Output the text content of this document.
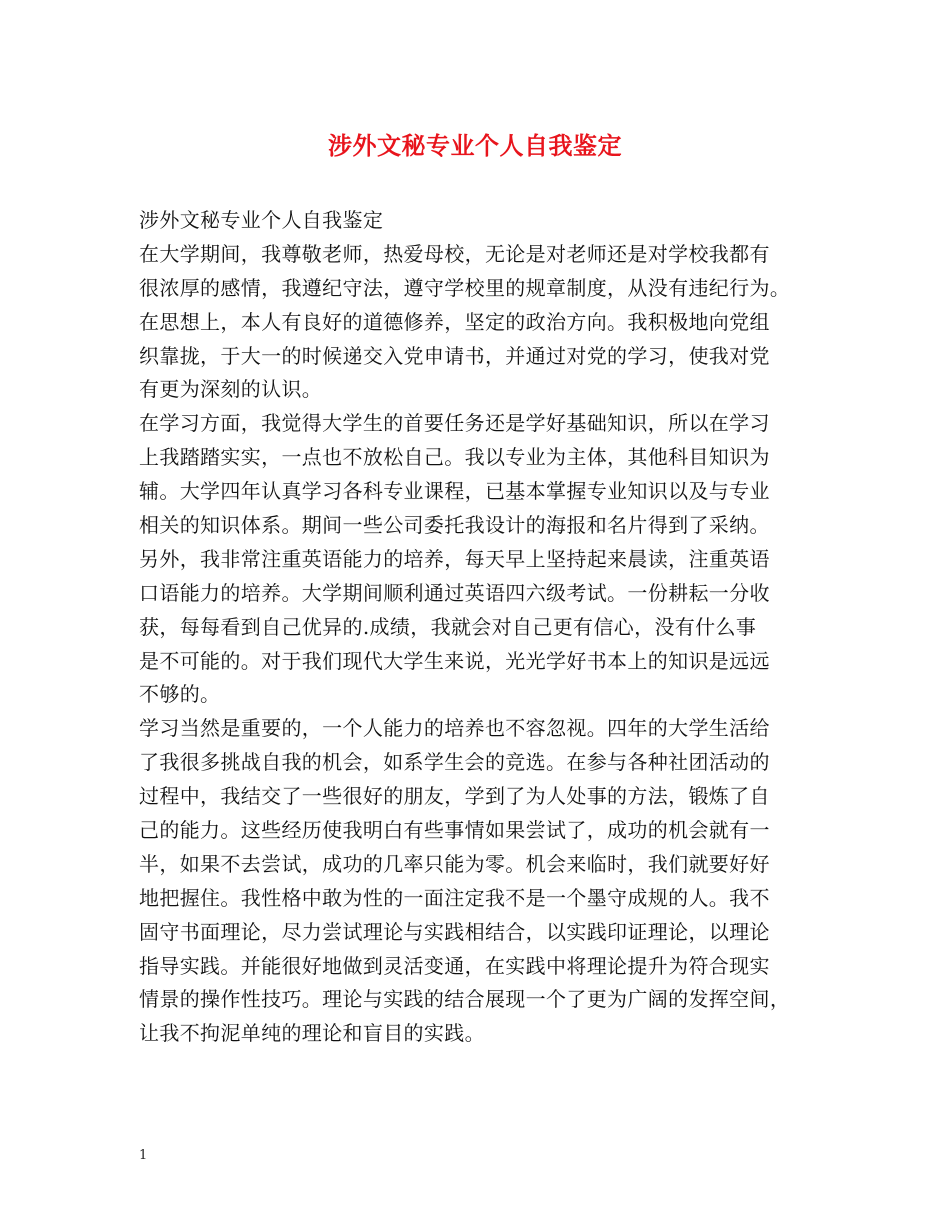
涉外文秘专业个人自我鉴定
涉外文秘专业个人自我鉴定
在大学期间，我尊敬老师，热爱母校，无论是对老师还是对学校我都有
很浓厚的感情，我遵纪守法，遵守学校里的规章制度，从没有违纪行为。
在思想上，本人有良好的道德修养，坚定的政治方向。我积极地向党组
织靠拢，于大一的时候递交入党申请书，并通过对党的学习，使我对党
有更为深刻的认识。
在学习方面，我觉得大学生的首要任务还是学好基础知识，所以在学习
上我踏踏实实，一点也不放松自己。我以专业为主体，其他科目知识为
辅。大学四年认真学习各科专业课程，已基本掌握专业知识以及与专业
相关的知识体系。期间一些公司委托我设计的海报和名片得到了采纳。
另外，我非常注重英语能力的培养，每天早上坚持起来晨读，注重英语
口语能力的培养。大学期间顺利通过英语四六级考试。一份耕耘一分收
获，每每看到自己优异的.成绩，我就会对自己更有信心，没有什么事
是不可能的。对于我们现代大学生来说，光光学好书本上的知识是远远
不够的。
学习当然是重要的，一个人能力的培养也不容忽视。四年的大学生活给
了我很多挑战自我的机会，如系学生会的竞选。在参与各种社团活动的
过程中，我结交了一些很好的朋友，学到了为人处事的方法，锻炼了自
己的能力。这些经历使我明白有些事情如果尝试了，成功的机会就有一
半，如果不去尝试，成功的几率只能为零。机会来临时，我们就要好好
地把握住。我性格中敢为性的一面注定我不是一个墨守成规的人。我不
固守书面理论，尽力尝试理论与实践相结合，以实践印证理论，以理论
指导实践。并能很好地做到灵活变通，在实践中将理论提升为符合现实
情景的操作性技巧。理论与实践的结合展现一个了更为广阔的发挥空间，
让我不拘泥单纯的理论和盲目的实践。
1
